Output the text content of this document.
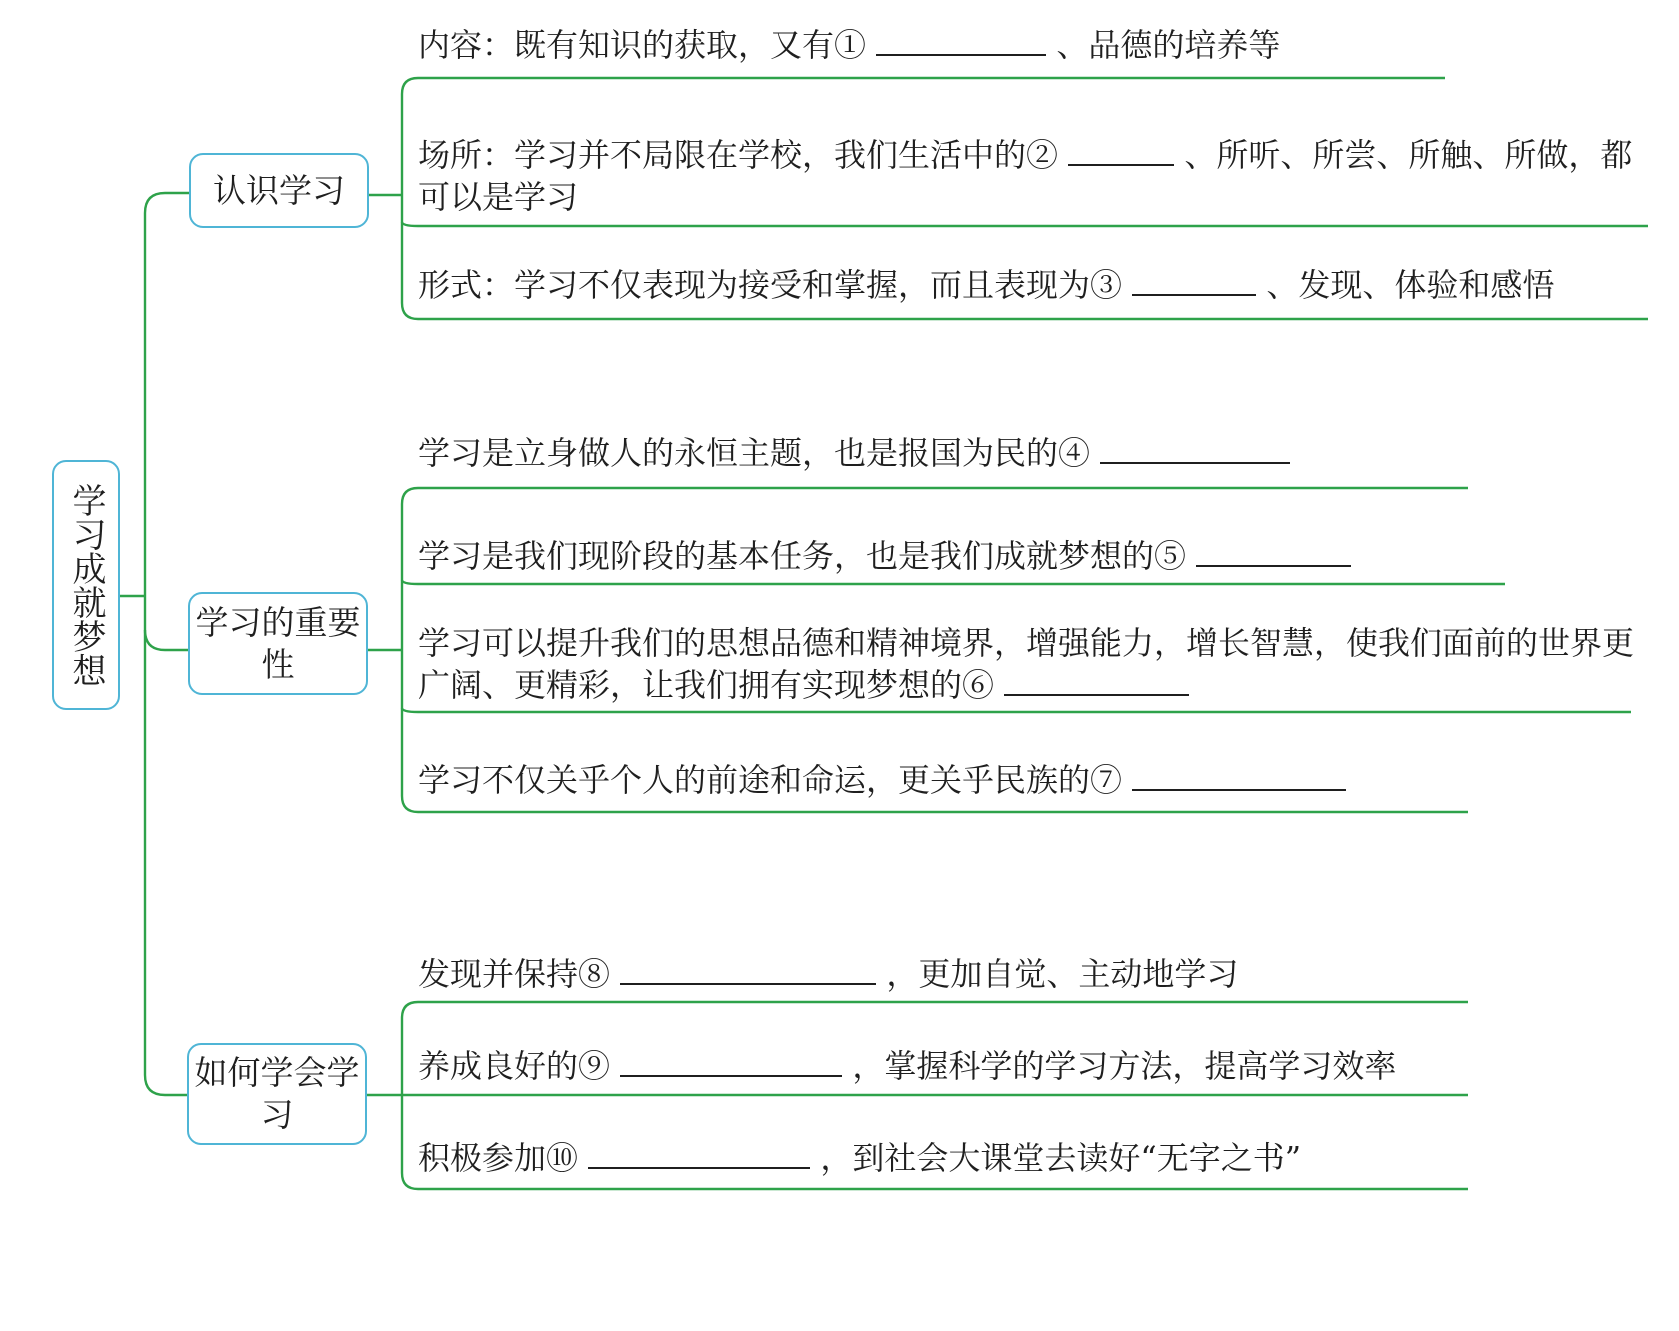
学习成就梦想
认识学习
学习的重要性
如何学会学习
内容：既有知识的获取，又有①	、品德的培养等
场所：学习并不局限在学校，我们生活中的②	、所听、所尝、所触、所做，都可以是学习
形式：学习不仅表现为接受和掌握，而且表现为③	、发现、体验和感悟
学习是立身做人的永恒主题，也是报国为民的④
学习是我们现阶段的基本任务，也是我们成就梦想的⑤
学习可以提升我们的思想品德和精神境界，增强能力，增长智慧，使我们面前的世界更广阔、更精彩，让我们拥有实现梦想的⑥
学习不仅关乎个人的前途和命运，更关乎民族的⑦
发现并保持⑧	，更加自觉、主动地学习
养成良好的⑨	，掌握科学的学习方法，提高学习效率
积极参加⑩	，到社会大课堂去读好“无字之书”
